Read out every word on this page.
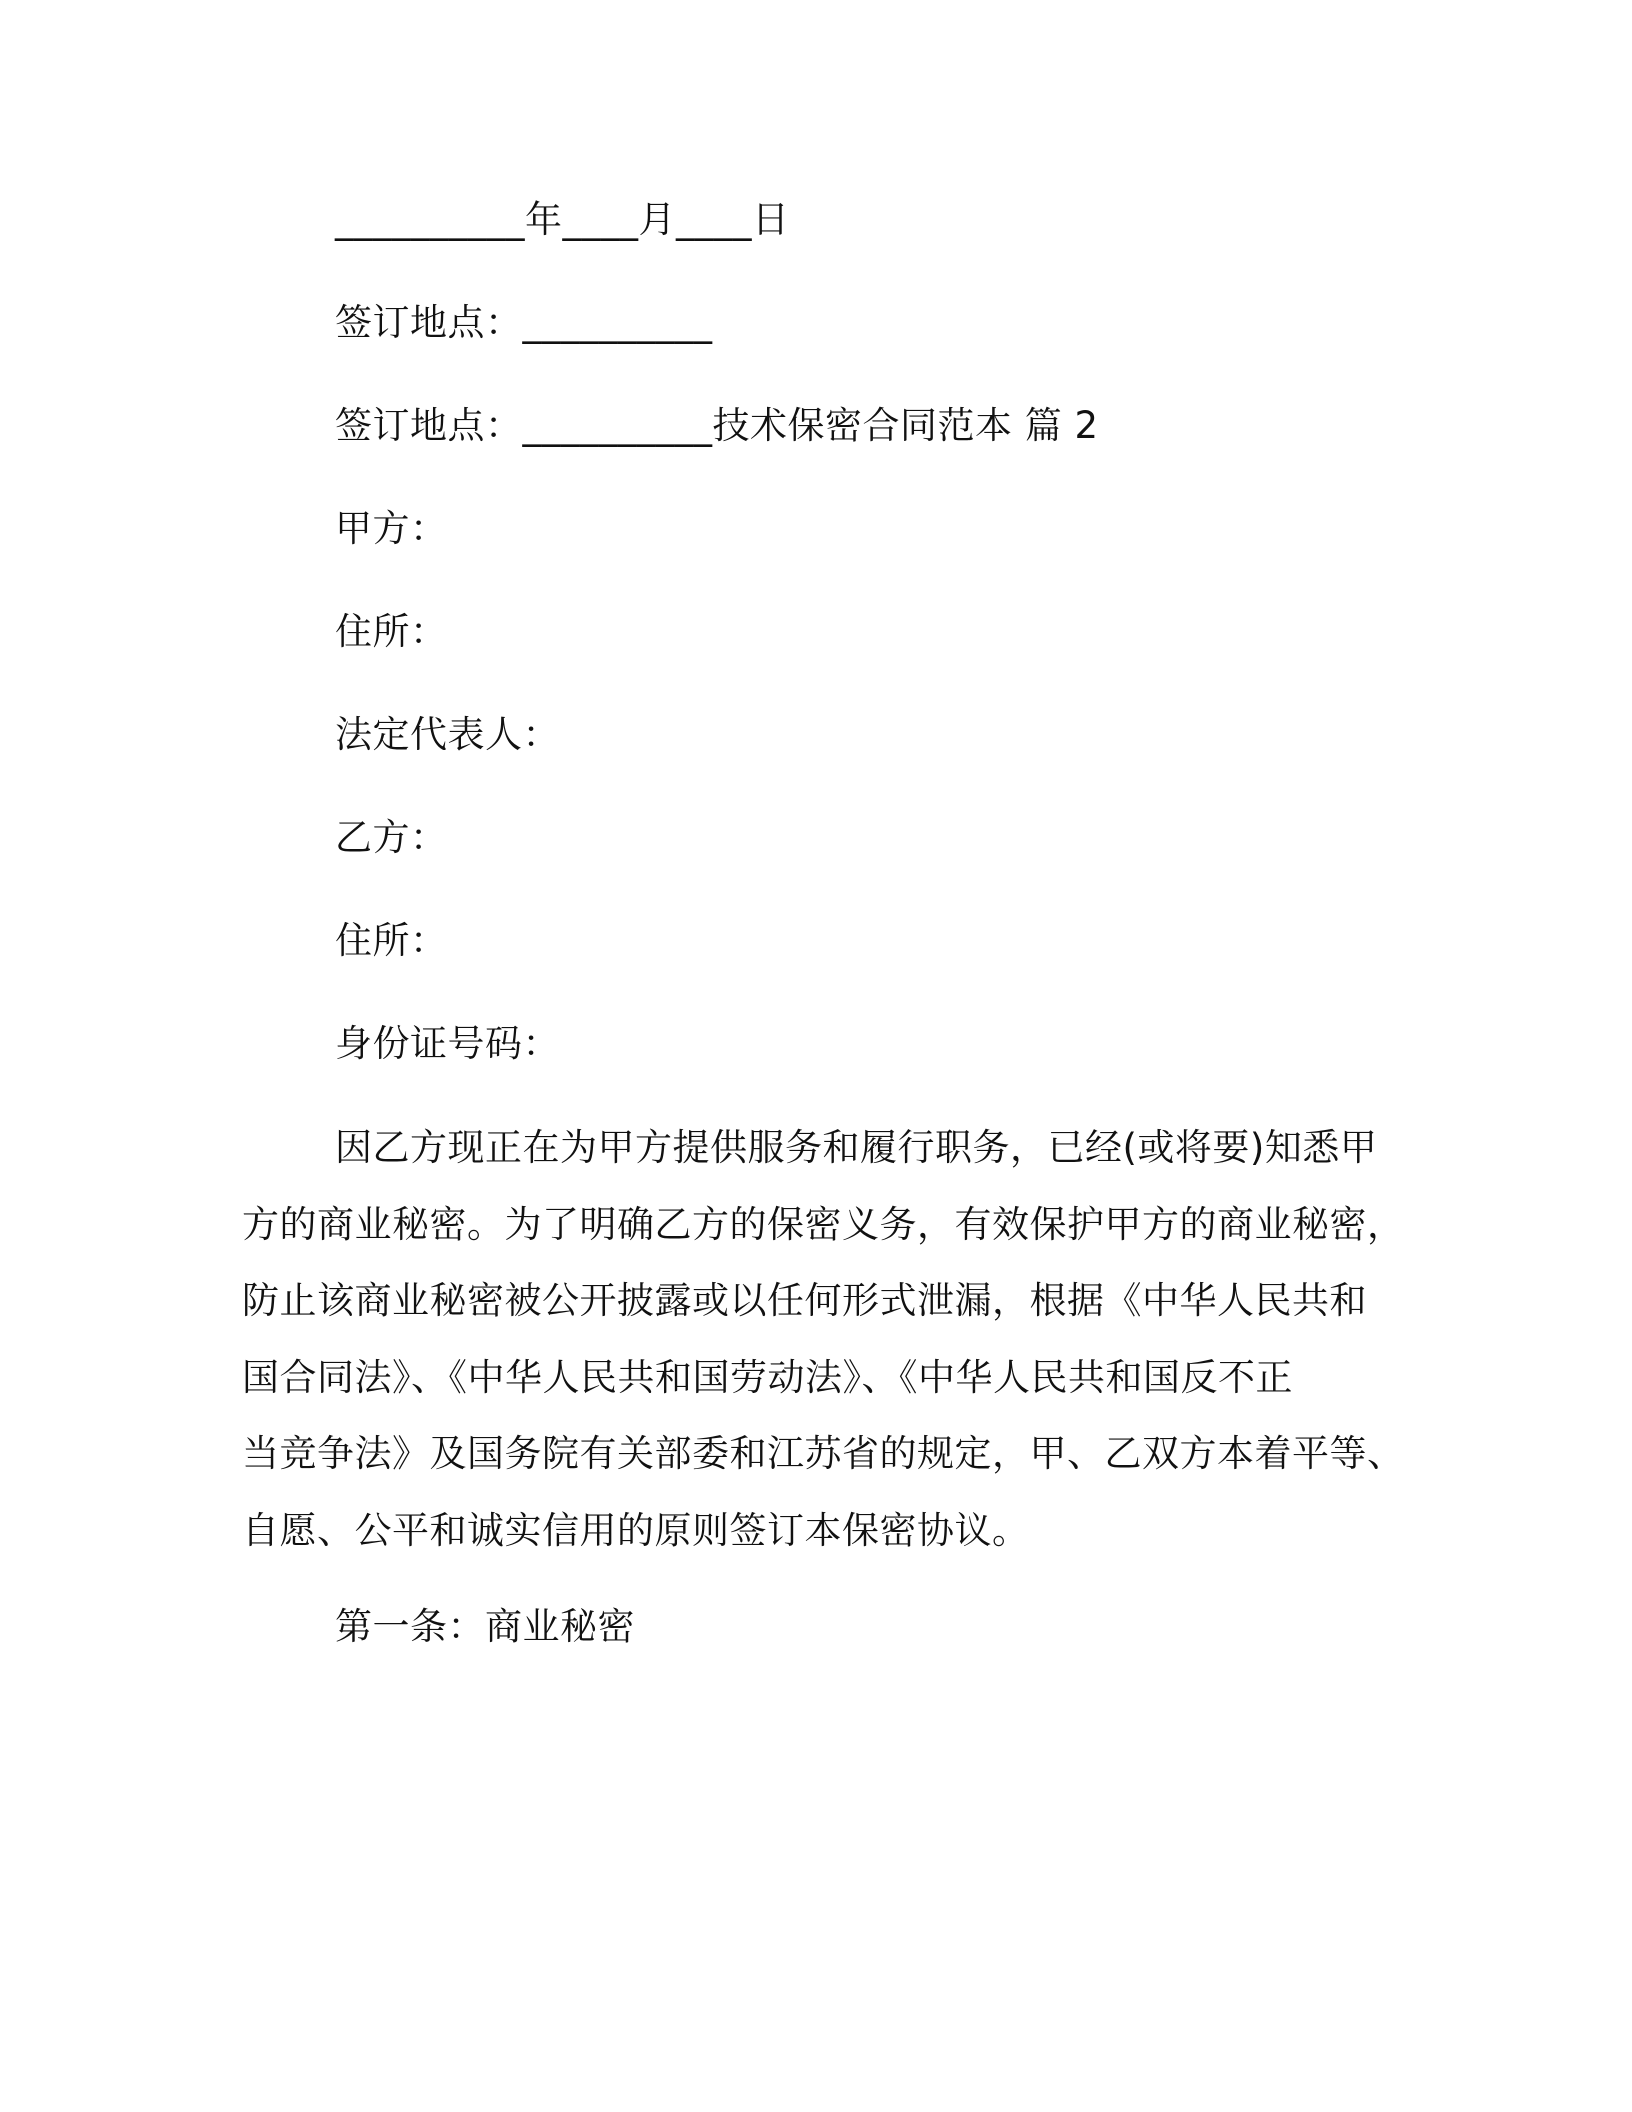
__________年____月____日
签订地点：__________
签订地点：__________技术保密合同范本 篇 2
甲方：
住所：
法定代表人：
乙方：
住所：
身份证号码：
因乙方现正在为甲方提供服务和履行职务，已经(或将要)知悉甲
方的商业秘密。为了明确乙方的保密义务，有效保护甲方的商业秘密，
防止该商业秘密被公开披露或以任何形式泄漏，根据《中华人民共和
国合同法》、《中华人民共和国劳动法》、《中华人民共和国反不正
当竞争法》及国务院有关部委和江苏省的规定，甲、乙双方本着平等、
自愿、公平和诚实信用的原则签订本保密协议。
第一条：商业秘密
